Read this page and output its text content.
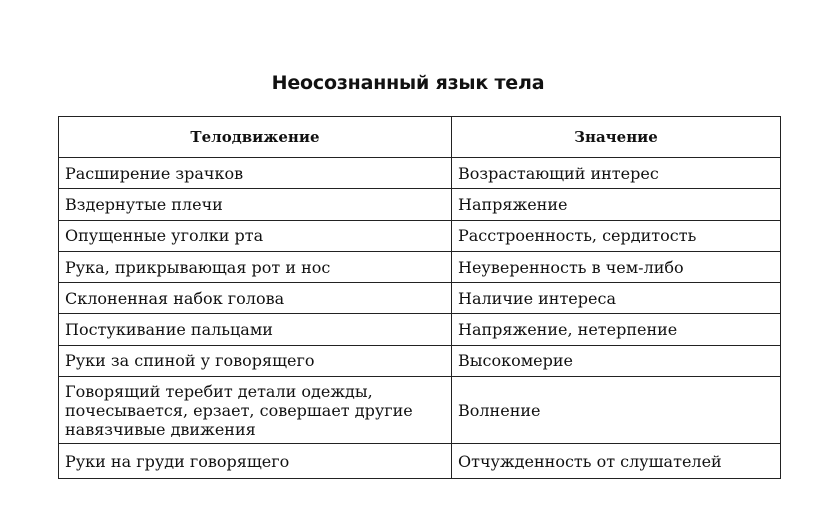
Неосознанный язык тела
Телодвижение	Значение
Расширение зрачков	Возрастающий интерес
Вздернутые плечи	Напряжение
Опущенные уголки рта	Расстроенность, сердитость
Рука, прикрывающая рот и нос	Неуверенность в чем-либо
Склоненная набок голова	Наличие интереса
Постукивание пальцами	Напряжение, нетерпение
Руки за спиной у говорящего	Высокомерие
Говорящий теребит детали одежды, почесывается, ерзает, совершает другие навязчивые движения	Волнение
Руки на груди говорящего	Отчужденность от слушателей
